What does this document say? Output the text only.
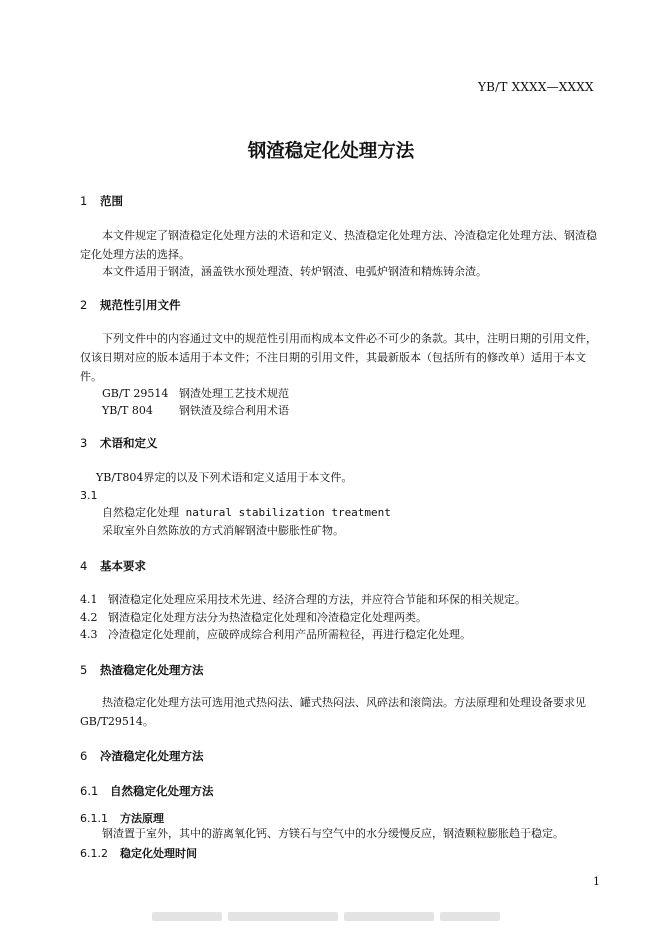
YB/T XXXX—XXXX
钢渣稳定化处理方法
1 范围
本文件规定了钢渣稳定化处理方法的术语和定义、热渣稳定化处理方法、冷渣稳定化处理方法、钢渣稳定化处理方法的选择。
本文件适用于钢渣，涵盖铁水预处理渣、转炉钢渣、电弧炉钢渣和精炼铸余渣。
2 规范性引用文件
下列文件中的内容通过文中的规范性引用而构成本文件必不可少的条款。其中，注明日期的引用文件，仅该日期对应的版本适用于本文件；不注日期的引用文件，其最新版本（包括所有的修改单）适用于本文件。
GB/T 29514 钢渣处理工艺技术规范
YB/T 804 钢铁渣及综合利用术语
3 术语和定义
YB/T804界定的以及下列术语和定义适用于本文件。
3.1
自然稳定化处理 natural stabilization treatment
采取室外自然陈放的方式消解钢渣中膨胀性矿物。
4 基本要求
4.1 钢渣稳定化处理应采用技术先进、经济合理的方法，并应符合节能和环保的相关规定。
4.2 钢渣稳定化处理方法分为热渣稳定化处理和冷渣稳定化处理两类。
4.3 冷渣稳定化处理前，应破碎成综合利用产品所需粒径，再进行稳定化处理。
5 热渣稳定化处理方法
热渣稳定化处理方法可选用池式热闷法、罐式热闷法、风碎法和滚筒法。方法原理和处理设备要求见 GB/T29514。
6 冷渣稳定化处理方法
6.1 自然稳定化处理方法
6.1.1 方法原理
钢渣置于室外，其中的游离氧化钙、方镁石与空气中的水分缓慢反应，钢渣颗粒膨胀趋于稳定。
6.1.2 稳定化处理时间
1
